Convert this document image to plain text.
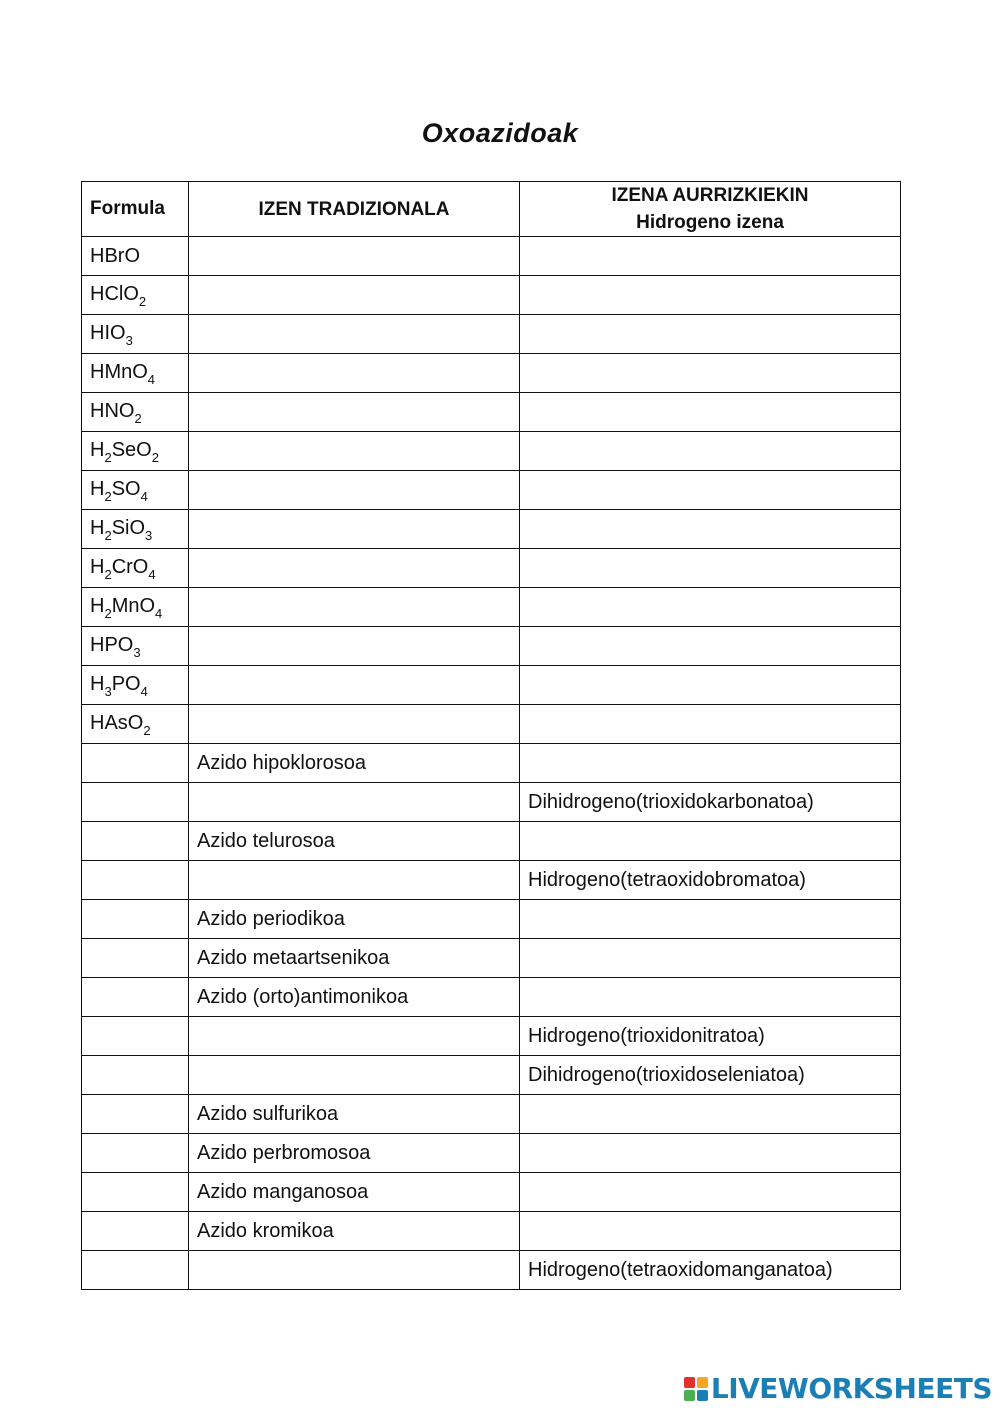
Oxoazidoak
Formula	IZEN TRADIZIONALA	IZENA AURRIZKIEKIN
Hidrogeno izena

HBrO		
HClO$_2$		
$HIO_3$		
HMnO$_4$		
$HNO_2$		
$H_2SeO_2$		
$H_2SO_4$		
$H_2SiO_3$		
$H_2CrO_4$		
$H_2MnO_4$		
$HPO_3$		
$H_3PO_4$		
HAsO$_2$		
	Azido hipoklorosoa	
		Dihidrogeno(trioxidokarbonatoa)
	Azido telurosoa	
		Hidrogeno(tetraoxidobromatoa)
	Azido periodikoa	
	Azido metaartsenikoa	
	Azido (orto)antimonikoa	
		Hidrogeno(trioxidonitratoa)
		Dihidrogeno(trioxidoseleniatoa)
	Azido sulfurikoa	
	Azido perbromosoa	
	Azido manganosoa	
	Azido kromikoa	
		Hidrogeno(tetraoxidomanganatoa)
LIVEWORKSHEETS
